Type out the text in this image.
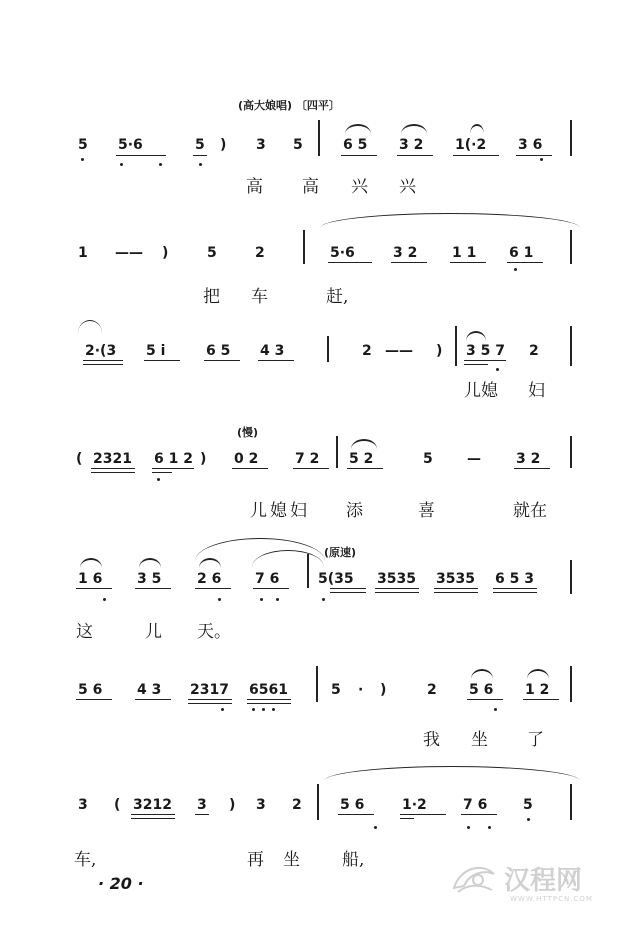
(高大娘唱) 〔四平〕
5 5·6	5 ) 3 5	6 5 3 2 1(·2 3 6
高 高 兴 兴
1 —— )	5	2	5·6	3 2 1 1 6 1
把 车	赶,
2·(3 5 i	6 5 4 3	2 —— ) 3 5 7 2
儿媳 妇
(慢)
( 2321 6 1 2 ) 0 2	7 2 5 2	5 —	3 2
儿 媳 妇 添	喜	就在
(原速)
1 6 3 5	2 6 7 6	5(35 3535 3535 6 5 3
这	儿 天。
5 6 4 3 2317 6561	5 · )	2 5 6 1 2
我 坐 了
3 ( 3212 3 ) 3 2	5 6	1·2	7 6	5
车,	再 坐 船,
· 20 ·	汉程网
WWW.HTTPCN.COM
